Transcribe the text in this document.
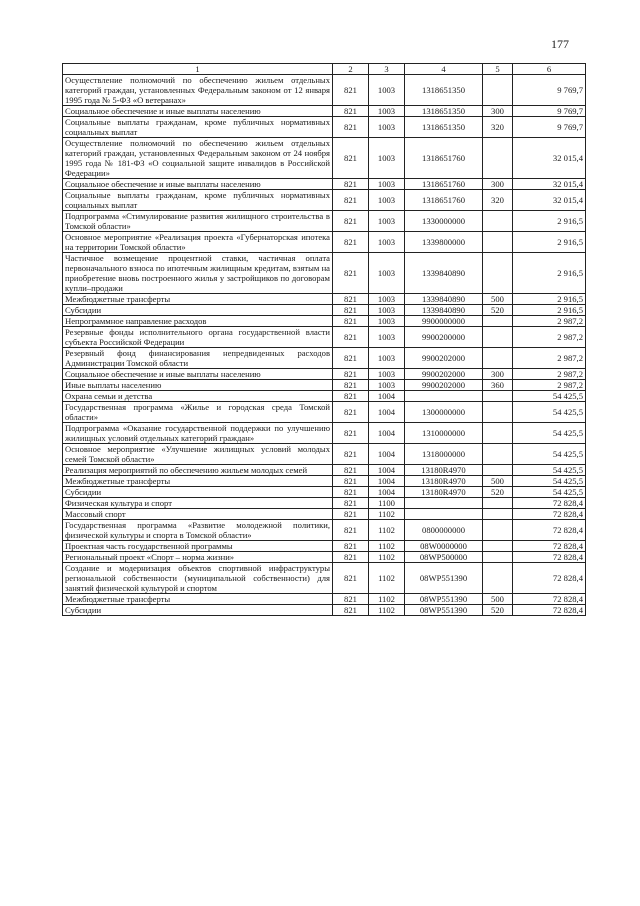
177
1	2	3	4	5	6
Осуществление полномочий по обеспечению жильем отдельных категорий граждан, установленных Федеральным законом от 12 января 1995 года № 5-ФЗ «О ветеранах»	821	1003	1318651350		9 769,7
Социальное обеспечение и иные выплаты населению	821	1003	1318651350	300	9 769,7
Социальные выплаты гражданам, кроме публичных нормативных социальных выплат	821	1003	1318651350	320	9 769,7
Осуществление полномочий по обеспечению жильем отдельных категорий граждан, установленных Федеральным законом от 24 ноября 1995 года № 181-ФЗ «О социальной защите инвалидов в Российской Федерации»	821	1003	1318651760		32 015,4
Социальное обеспечение и иные выплаты населению	821	1003	1318651760	300	32 015,4
Социальные выплаты гражданам, кроме публичных нормативных социальных выплат	821	1003	1318651760	320	32 015,4
Подпрограмма «Стимулирование развития жилищного строительства в Томской области»	821	1003	1330000000		2 916,5
Основное мероприятие «Реализация проекта «Губернаторская ипотека на территории Томской области»	821	1003	1339800000		2 916,5
Частичное возмещение процентной ставки, частичная оплата первоначального взноса по ипотечным жилищным кредитам, взятым на приобретение вновь построенного жилья у застройщиков по договорам купли–продажи	821	1003	1339840890		2 916,5
Межбюджетные трансферты	821	1003	1339840890	500	2 916,5
Субсидии	821	1003	1339840890	520	2 916,5
Непрограммное направление расходов	821	1003	9900000000		2 987,2
Резервные фонды исполнительного органа государственной власти субъекта Российской Федерации	821	1003	9900200000		2 987,2
Резервный фонд финансирования непредвиденных расходов Администрации Томской области	821	1003	9900202000		2 987,2
Социальное обеспечение и иные выплаты населению	821	1003	9900202000	300	2 987,2
Иные выплаты населению	821	1003	9900202000	360	2 987,2
Охрана семьи и детства	821	1004			54 425,5
Государственная программа «Жилье и городская среда Томской области»	821	1004	1300000000		54 425,5
Подпрограмма «Оказание государственной поддержки по улучшению жилищных условий отдельных категорий граждан»	821	1004	1310000000		54 425,5
Основное мероприятие «Улучшение жилищных условий молодых семей Томской области»	821	1004	1318000000		54 425,5
Реализация мероприятий по обеспечению жильем молодых семей	821	1004	13180R4970		54 425,5
Межбюджетные трансферты	821	1004	13180R4970	500	54 425,5
Субсидии	821	1004	13180R4970	520	54 425,5
Физическая культура и спорт	821	1100			72 828,4
Массовый спорт	821	1102			72 828,4
Государственная программа «Развитие молодежной политики, физической культуры и спорта в Томской области»	821	1102	0800000000		72 828,4
Проектная часть государственной программы	821	1102	08W0000000		72 828,4
Региональный проект «Спорт – норма жизни»	821	1102	08WP500000		72 828,4
Создание и модернизация объектов спортивной инфраструктуры региональной собственности (муниципальной собственности) для занятий физической культурой и спортом	821	1102	08WP551390		72 828,4
Межбюджетные трансферты	821	1102	08WP551390	500	72 828,4
Субсидии	821	1102	08WP551390	520	72 828,4
